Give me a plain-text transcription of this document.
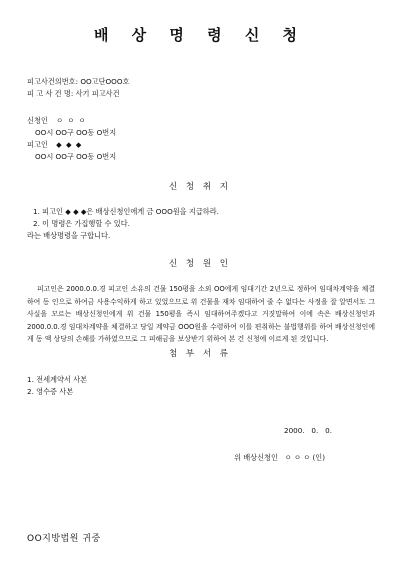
배 상 명 령 신 청
피고사건의번호: OO고단OOO호
피 고 사 건 명: 사기 피고사건
신청인 ㅇ ㅇ ㅇ
OO시 OO구 OO동 O번지
피고인 ◆ ◆ ◆
OO시 OO구 OO동 O번지
신 청 취 지
1. 피고인 ◆ ◆ ◆은 배상신청인에게 금 OOO원을 지급하라.
2. 이 명령은 가집행할 수 있다.
라는 배상명령을 구합니다.
신 청 원 인

피고인은 2000.0.0.경 피고인 소유의 건물 150평을 소외 OO에게 임대기간 2년으로 정하여 임대차계약을 체결하여 동 인으로 하여금 사용수익하게 하고 있었으므로 위 건물을 재차 임대하여 줄 수 없다는 사정을 잘 알면서도 그 사실을 모르는 배상신청인에게 위 건물 150평을 즉시 임대하여주겠다고 거짓말하여 이에 속은 배상신청인과 2000.0.0.경 임대차계약을 체결하고 당일 계약금 OOO원을 수령하여 이를 편취하는 불법행위를 하여 배상신청인에게 동 액 상당의 손해를 가하였으므로 그 피해금을 보상받기 위하여 본 건 신청에 이르게 된 것입니다.

첨 부 서 류
1. 전세계약서 사본
2. 영수증 사본
2000.   0.   0.
위 배상신청인   ㅇ ㅇ ㅇ (인)
OO지방법원 귀중
